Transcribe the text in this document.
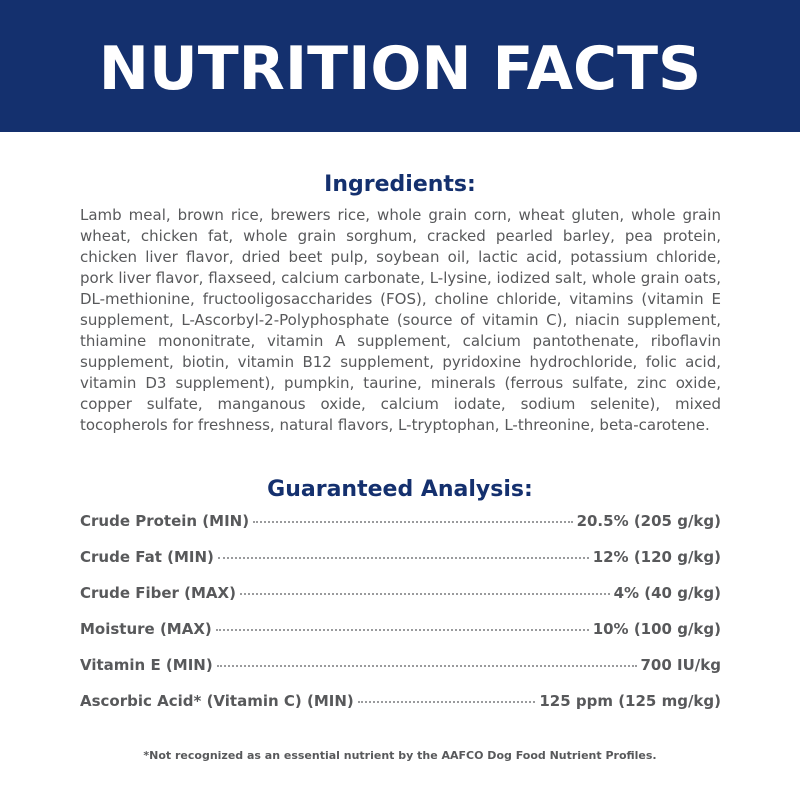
NUTRITION FACTS
Ingredients:

Lamb meal, brown rice, brewers rice, whole grain corn, wheat gluten, whole grain wheat, chicken fat, whole grain sorghum, cracked pearled barley, pea protein, chicken liver flavor, dried beet pulp, soybean oil, lactic acid, potassium chloride, pork liver flavor, flaxseed, calcium carbonate, L-lysine, iodized salt, whole grain oats, DL-methionine, fructooligosaccharides (FOS), choline chloride, vitamins (vitamin E supplement, L-Ascorbyl-2-Polyphosphate (source of vitamin C), niacin supplement, thiamine mononitrate, vitamin A supplement, calcium pantothenate, riboflavin supplement, biotin, vitamin B12 supplement, pyridoxine hydrochloride, folic acid, vitamin D3 supplement), pumpkin, taurine, minerals (ferrous sulfate, zinc oxide, copper sulfate, manganous oxide, calcium iodate, sodium selenite), mixed tocopherols for freshness, natural flavors, L-tryptophan, L-threonine, beta-carotene.

Guaranteed Analysis:
Crude Protein (MIN)	20.5% (205 g/kg)
Crude Fat (MIN)	12% (120 g/kg)
Crude Fiber (MAX)	4% (40 g/kg)
Moisture (MAX)	10% (100 g/kg)
Vitamin E (MIN)	700 IU/kg
Ascorbic Acid* (Vitamin C) (MIN)	125 ppm (125 mg/kg)
*Not recognized as an essential nutrient by the AAFCO Dog Food Nutrient Profiles.
